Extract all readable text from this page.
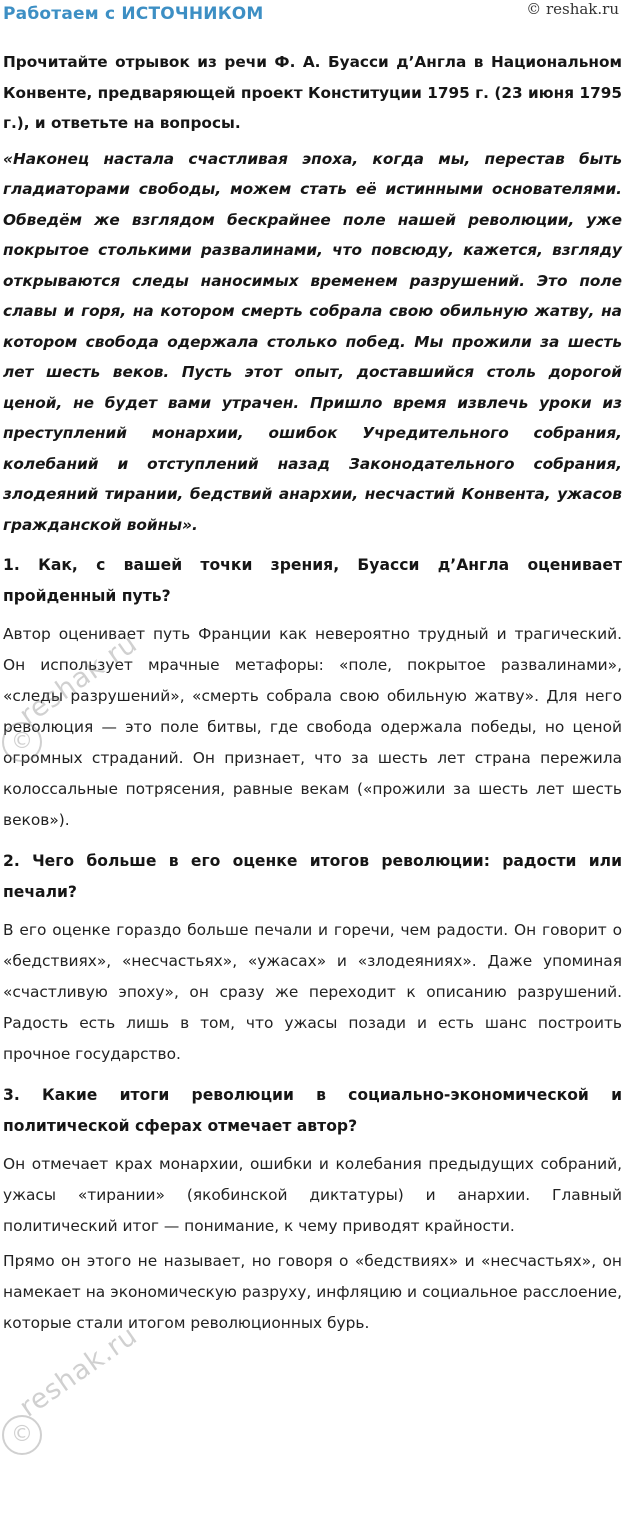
Работаем с ИСТОЧНИКОМ	© reshak.ru

Прочитайте отрывок из речи Ф. А. Буасси д’Англа в Национальном Конвенте, предваряющей проект Конституции 1795 г. (23 июня 1795 г.), и ответьте на вопросы.

«Наконец настала счастливая эпоха, когда мы, перестав быть гладиаторами свободы, можем стать её истинными основателями. Обведём же взглядом бескрайнее поле нашей революции, уже покрытое столькими развалинами, что повсюду, кажется, взгляду открываются следы наносимых временем разрушений. Это поле славы и горя, на котором смерть собрала свою обильную жатву, на котором свобода одержала столько побед. Мы прожили за шесть лет шесть веков. Пусть этот опыт, доставшийся столь дорогой ценой, не будет вами утрачен. Пришло время извлечь уроки из преступлений монархии, ошибок Учредительного собрания, колебаний и отступлений назад Законодательного собрания, злодеяний тирании, бедствий анархии, несчастий Конвента, ужасов гражданской войны».

1. Как, с вашей точки зрения, Буасси д’Англа оценивает пройденный путь?

Автор оценивает путь Франции как невероятно трудный и трагический. Он использует мрачные метафоры: «поле, покрытое развалинами», «следы разрушений», «смерть собрала свою обильную жатву». Для него революция — это поле битвы, где свобода одержала победы, но ценой огромных страданий. Он признает, что за шесть лет страна пережила колоссальные потрясения, равные векам («прожили за шесть лет шесть веков»).

2. Чего больше в его оценке итогов революции: радости или печали?

В его оценке гораздо больше печали и горечи, чем радости. Он говорит о «бедствиях», «несчастьях», «ужасах» и «злодеяниях». Даже упоминая «счастливую эпоху», он сразу же переходит к описанию разрушений. Радость есть лишь в том, что ужасы позади и есть шанс построить прочное государство.

3. Какие итоги революции в социально-экономической и политической сферах отмечает автор?

Он отмечает крах монархии, ошибки и колебания предыдущих собраний, ужасы «тирании» (якобинской диктатуры) и анархии. Главный политический итог — понимание, к чему приводят крайности.

Прямо он этого не называет, но говоря о «бедствиях» и «несчастьях», он намекает на экономическую разруху, инфляцию и социальное расслоение, которые стали итогом революционных бурь.

©
reshak.ru
©
reshak.ru
